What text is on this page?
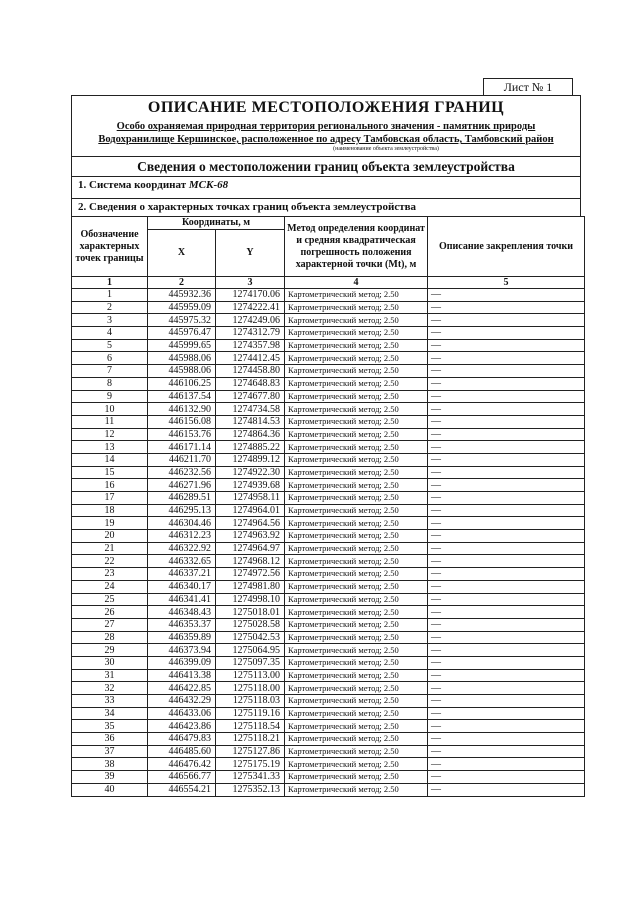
Лист № 1
ОПИСАНИЕ МЕСТОПОЛОЖЕНИЯ ГРАНИЦ
Особо охраняемая природная территория регионального значения - памятник природы
Водохранилище Кершинское, расположенное по адресу Тамбовская область, Тамбовский район
(наименование объекта землеустройства)
Сведения о местоположении границ объекта землеустройства
1. Система координат МСК-68
2. Сведения о характерных точках границ объекта землеустройства
Обозначение характерных точек границы	Координаты, м		Метод определения координат и средняя квадратическая погрешность положения характерной точки (Mt), м	Описание закрепления точки
	X	Y		
1	2	3	4	5
1	445932.36	1274170.06	Картометрический метод; 2.50	—
2	445959.09	1274222.41	Картометрический метод; 2.50	—
3	445975.32	1274249.06	Картометрический метод; 2.50	—
4	445976.47	1274312.79	Картометрический метод; 2.50	—
5	445999.65	1274357.98	Картометрический метод; 2.50	—
6	445988.06	1274412.45	Картометрический метод; 2.50	—
7	445988.06	1274458.80	Картометрический метод; 2.50	—
8	446106.25	1274648.83	Картометрический метод; 2.50	—
9	446137.54	1274677.80	Картометрический метод; 2.50	—
10	446132.90	1274734.58	Картометрический метод; 2.50	—
11	446156.08	1274814.53	Картометрический метод; 2.50	—
12	446153.76	1274864.36	Картометрический метод; 2.50	—
13	446171.14	1274885.22	Картометрический метод; 2.50	—
14	446211.70	1274899.12	Картометрический метод; 2.50	—
15	446232.56	1274922.30	Картометрический метод; 2.50	—
16	446271.96	1274939.68	Картометрический метод; 2.50	—
17	446289.51	1274958.11	Картометрический метод; 2.50	—
18	446295.13	1274964.01	Картометрический метод; 2.50	—
19	446304.46	1274964.56	Картометрический метод; 2.50	—
20	446312.23	1274963.92	Картометрический метод; 2.50	—
21	446322.92	1274964.97	Картометрический метод; 2.50	—
22	446332.65	1274968.12	Картометрический метод; 2.50	—
23	446337.21	1274972.56	Картометрический метод; 2.50	—
24	446340.17	1274981.80	Картометрический метод; 2.50	—
25	446341.41	1274998.10	Картометрический метод; 2.50	—
26	446348.43	1275018.01	Картометрический метод; 2.50	—
27	446353.37	1275028.58	Картометрический метод; 2.50	—
28	446359.89	1275042.53	Картометрический метод; 2.50	—
29	446373.94	1275064.95	Картометрический метод; 2.50	—
30	446399.09	1275097.35	Картометрический метод; 2.50	—
31	446413.38	1275113.00	Картометрический метод; 2.50	—
32	446422.85	1275118.00	Картометрический метод; 2.50	—
33	446432.29	1275118.03	Картометрический метод; 2.50	—
34	446433.06	1275119.16	Картометрический метод; 2.50	—
35	446423.86	1275118.54	Картометрический метод; 2.50	—
36	446479.83	1275118.21	Картометрический метод; 2.50	—
37	446485.60	1275127.86	Картометрический метод; 2.50	—
38	446476.42	1275175.19	Картометрический метод; 2.50	—
39	446566.77	1275341.33	Картометрический метод; 2.50	—
40	446554.21	1275352.13	Картометрический метод; 2.50	—
